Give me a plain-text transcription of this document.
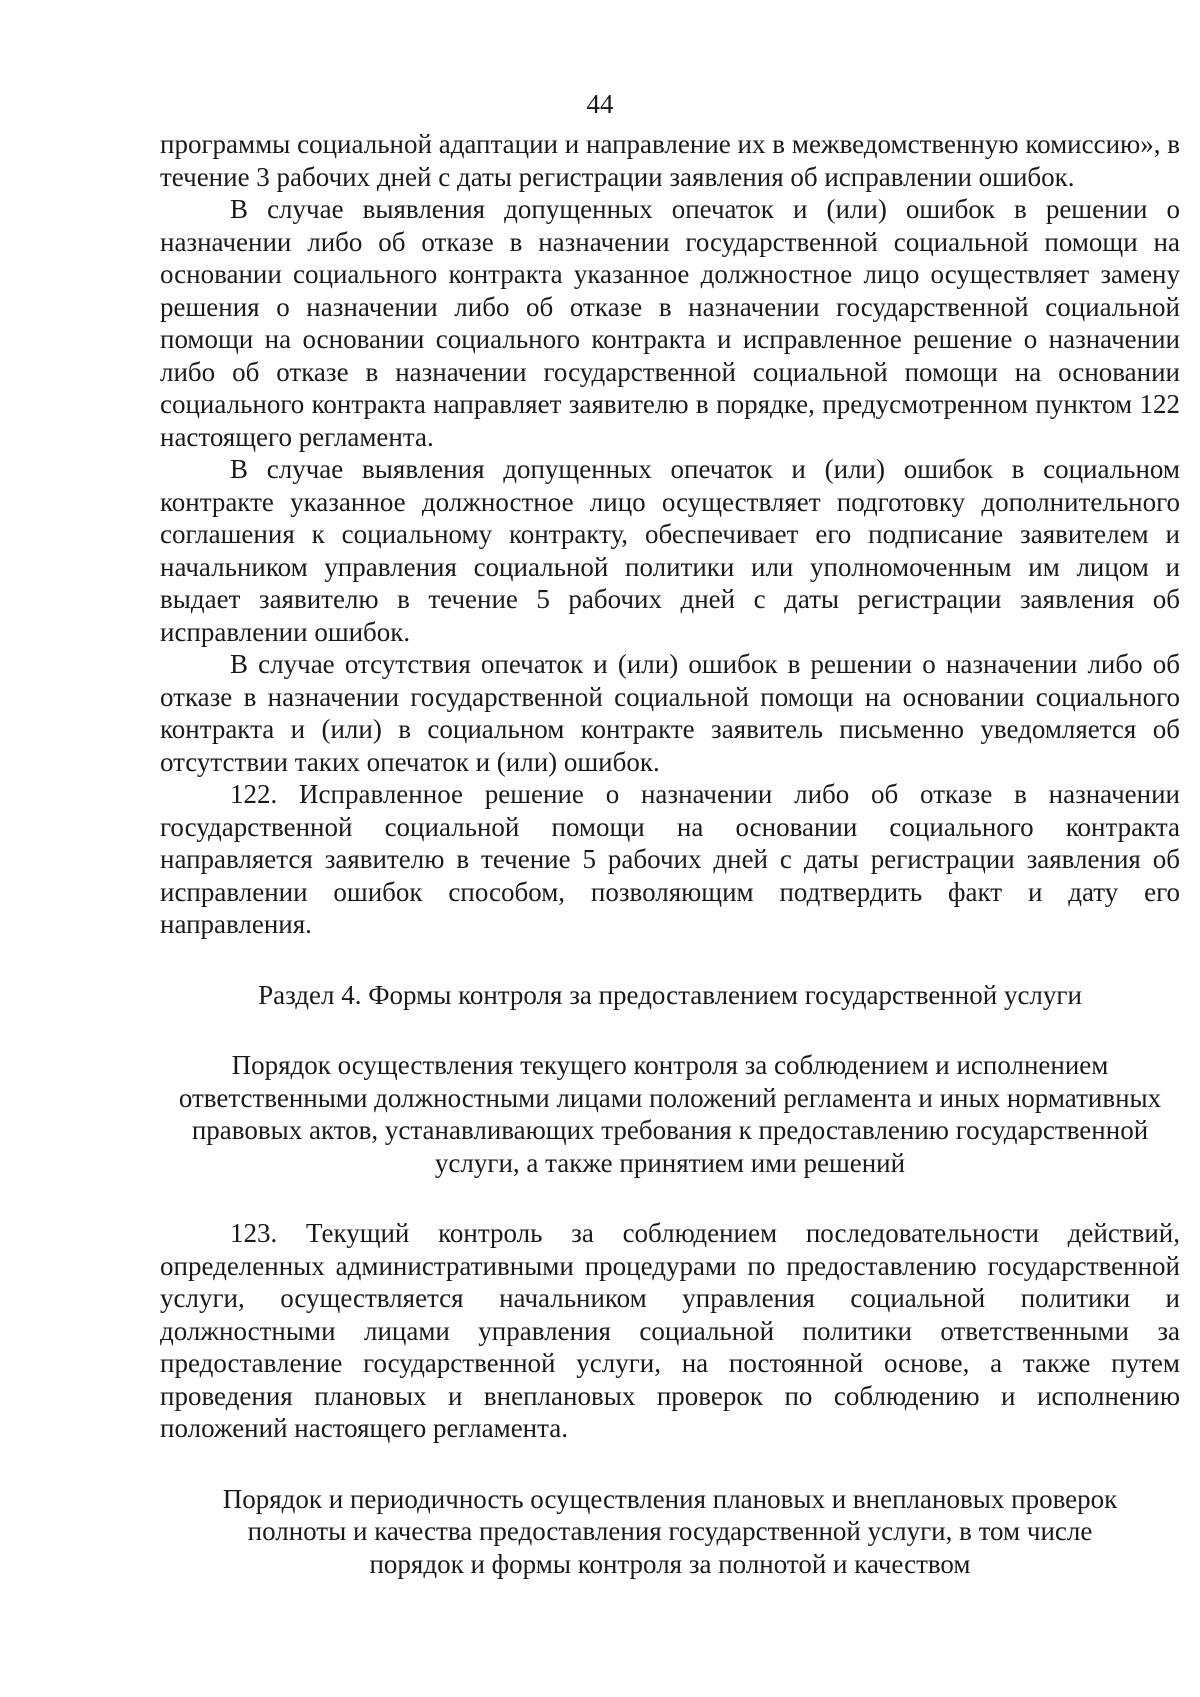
44

программы социальной адаптации и направление их в межведомственную комиссию», в течение 3 рабочих дней с даты регистрации заявления об исправлении ошибок.

В случае выявления допущенных опечаток и (или) ошибок в решении о назначении либо об отказе в назначении государственной социальной помощи на основании социального контракта указанное должностное лицо осуществляет замену решения о назначении либо об отказе в назначении государственной социальной помощи на основании социального контракта и исправленное решение о назначении либо об отказе в назначении государственной социальной помощи на основании социального контракта направляет заявителю в порядке, предусмотренном пунктом 122 настоящего регламента.

В случае выявления допущенных опечаток и (или) ошибок в социальном контракте указанное должностное лицо осуществляет подготовку дополнительного соглашения к социальному контракту, обеспечивает его подписание заявителем и начальником управления социальной политики или уполномоченным им лицом и выдает заявителю в течение 5 рабочих дней с даты регистрации заявления об исправлении ошибок.

В случае отсутствия опечаток и (или) ошибок в решении о назначении либо об отказе в назначении государственной социальной помощи на основании социального контракта и (или) в социальном контракте заявитель письменно уведомляется об отсутствии таких опечаток и (или) ошибок.

122. Исправленное решение о назначении либо об отказе в назначении государственной социальной помощи на основании социального контракта направляется заявителю в течение 5 рабочих дней с даты регистрации заявления об исправлении ошибок способом, позволяющим подтвердить факт и дату его направления.

Раздел 4. Формы контроля за предоставлением государственной услуги

Порядок осуществления текущего контроля за соблюдением и исполнением ответственными должностными лицами положений регламента и иных нормативных правовых актов, устанавливающих требования к предоставлению государственной услуги, а также принятием ими решений

123. Текущий контроль за соблюдением последовательности действий, определенных административными процедурами по предоставлению государственной услуги, осуществляется начальником управления социальной политики и должностными лицами управления социальной политики ответственными за предоставление государственной услуги, на постоянной основе, а также путем проведения плановых и внеплановых проверок по соблюдению и исполнению положений настоящего регламента.

Порядок и периодичность осуществления плановых и внеплановых проверок полноты и качества предоставления государственной услуги, в том числе порядок и формы контроля за полнотой и качеством
